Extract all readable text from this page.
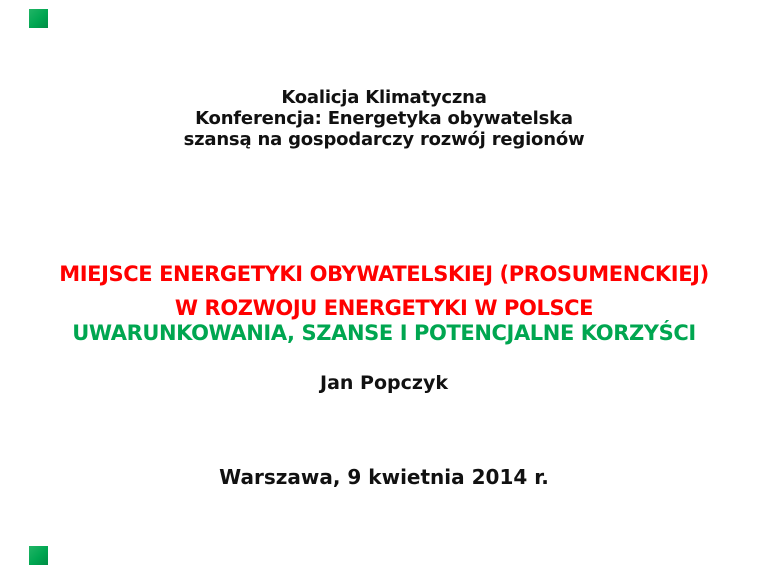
Koalicja Klimatyczna
Konferencja: Energetyka obywatelska
szansą na gospodarczy rozwój regionów
MIEJSCE ENERGETYKI OBYWATELSKIEJ (PROSUMENCKIEJ)
W ROZWOJU ENERGETYKI W POLSCE
UWARUNKOWANIA, SZANSE I POTENCJALNE KORZYŚCI
Jan Popczyk
Warszawa, 9 kwietnia 2014 r.
